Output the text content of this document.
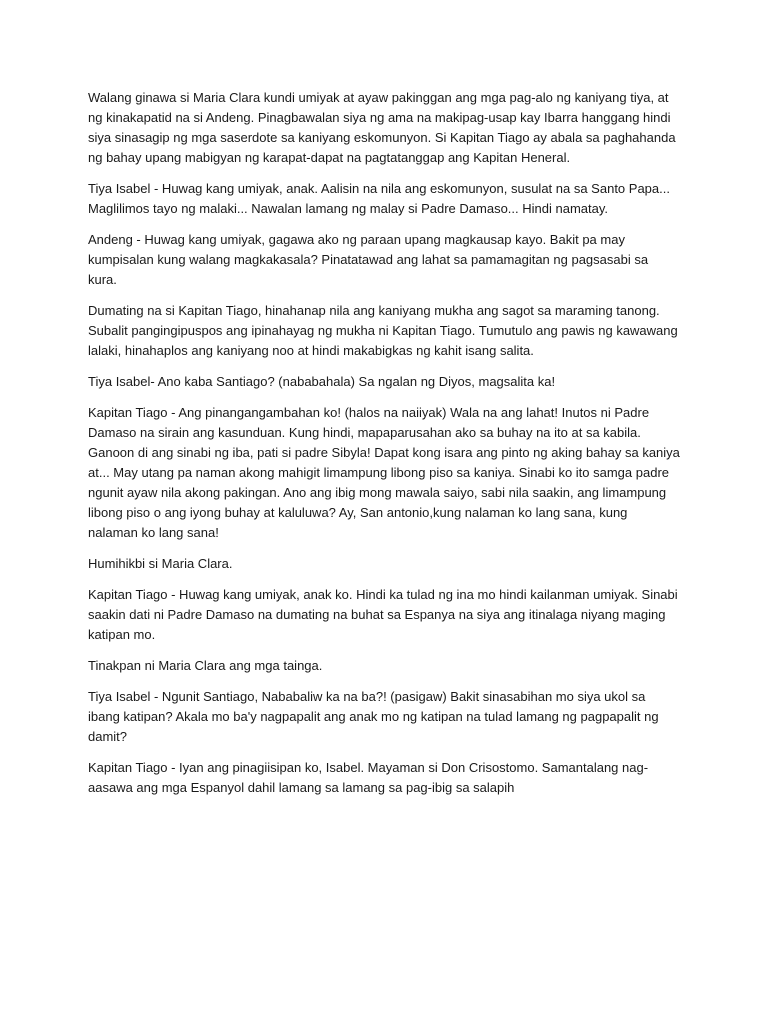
Walang ginawa si Maria Clara kundi umiyak at ayaw pakinggan ang mga pag-alo ng kaniyang tiya, at ng kinakapatid na si Andeng. Pinagbawalan siya ng ama na makipag-usap kay Ibarra hanggang hindi siya sinasagip ng mga saserdote sa kaniyang eskomunyon. Si Kapitan Tiago ay abala sa paghahanda ng bahay upang mabigyan ng karapat-dapat na pagtatanggap ang Kapitan Heneral.

Tiya Isabel - Huwag kang umiyak, anak. Aalisin na nila ang eskomunyon, susulat na sa Santo Papa... Maglilimos tayo ng malaki... Nawalan lamang ng malay si Padre Damaso... Hindi namatay.

Andeng - Huwag kang umiyak, gagawa ako ng paraan upang magkausap kayo. Bakit pa may kumpisalan kung walang magkakasala? Pinatatawad ang lahat sa pamamagitan ng pagsasabi sa kura.

Dumating na si Kapitan Tiago, hinahanap nila ang kaniyang mukha ang sagot sa maraming tanong. Subalit pangingipuspos ang ipinahayag ng mukha ni Kapitan Tiago. Tumutulo ang pawis ng kawawang lalaki, hinahaplos ang kaniyang noo at hindi makabigkas ng kahit isang salita.

Tiya Isabel- Ano kaba Santiago? (nababahala) Sa ngalan ng Diyos, magsalita ka!

Kapitan Tiago - Ang pinangangambahan ko! (halos na naiiyak) Wala na ang lahat! Inutos ni Padre Damaso na sirain ang kasunduan. Kung hindi, mapaparusahan ako sa buhay na ito at sa kabila. Ganoon di ang sinabi ng iba, pati si padre Sibyla! Dapat kong isara ang pinto ng aking bahay sa kaniya at... May utang pa naman akong mahigit limampung libong piso sa kaniya. Sinabi ko ito samga padre ngunit ayaw nila akong pakingan. Ano ang ibig mong mawala saiyo, sabi nila saakin, ang limampung libong piso o ang iyong buhay at kaluluwa? Ay, San antonio,kung nalaman ko lang sana, kung nalaman ko lang sana!

Humihikbi si Maria Clara.

Kapitan Tiago - Huwag kang umiyak, anak ko. Hindi ka tulad ng ina mo hindi kailanman umiyak. Sinabi saakin dati ni Padre Damaso na dumating na buhat sa Espanya na siya ang itinalaga niyang maging katipan mo.

Tinakpan ni Maria Clara ang mga tainga.

Tiya Isabel - Ngunit Santiago, Nababaliw ka na ba?! (pasigaw) Bakit sinasabihan mo siya ukol sa ibang katipan? Akala mo ba'y nagpapalit ang anak mo ng katipan na tulad lamang ng pagpapalit ng damit?

Kapitan Tiago - Iyan ang pinagiisipan ko, Isabel. Mayaman si Don Crisostomo. Samantalang nag-aasawa ang mga Espanyol dahil lamang sa lamang sa pag-ibig sa salapih
